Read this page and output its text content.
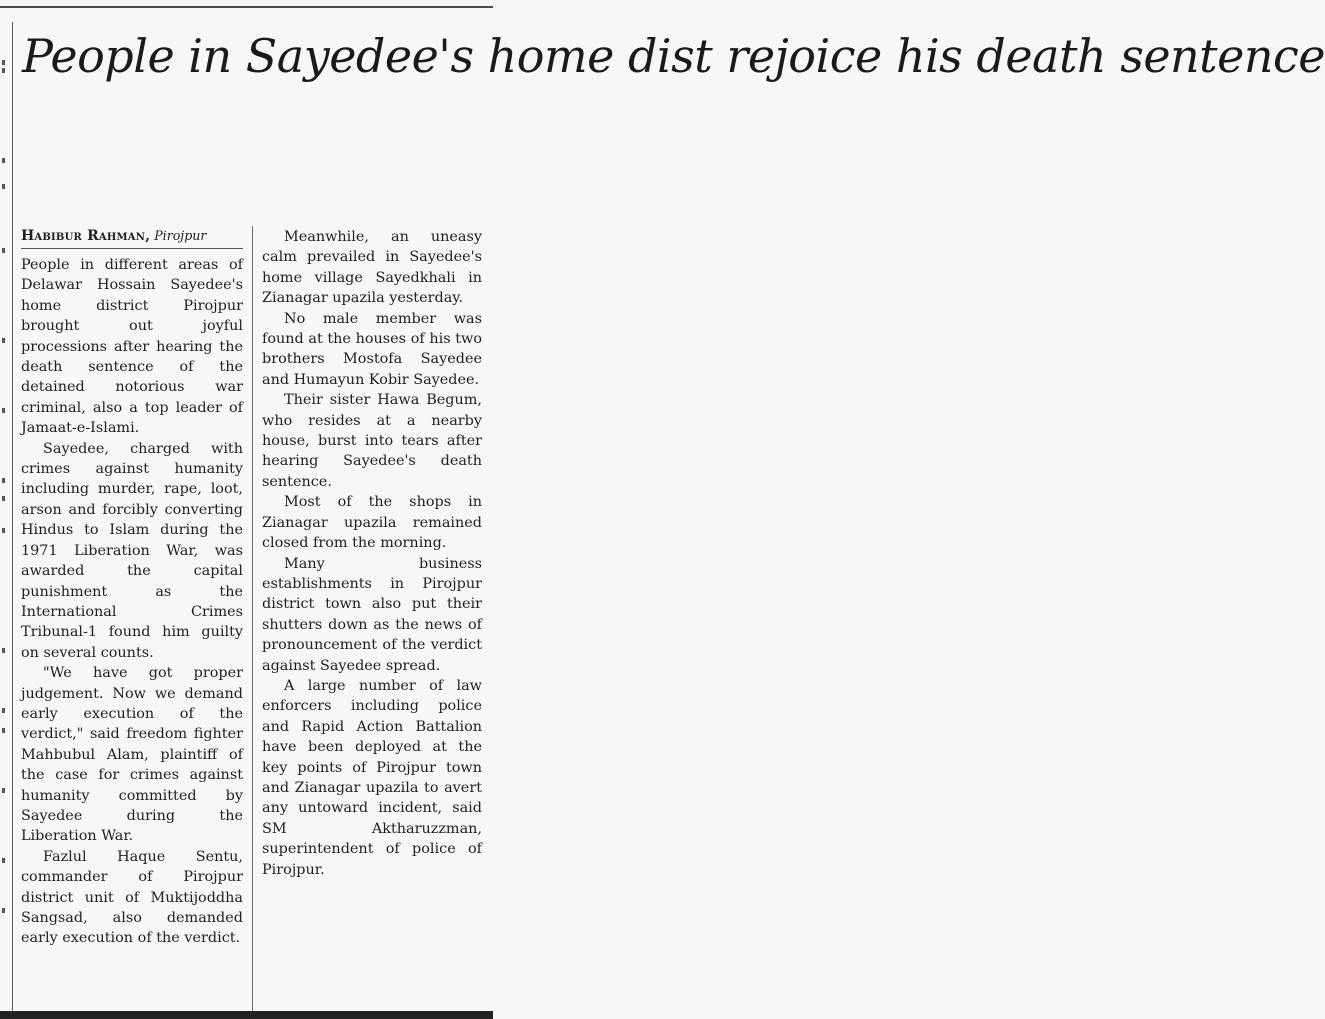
People in Sayedee's home dist rejoice his death sentence
Habibur Rahman, Pirojpur

People in different areas of Delawar Hossain Sayedee's home district Pirojpur brought out joyful processions after hearing the death sentence of the detained notorious war criminal, also a top leader of Jamaat-e-Islami.

Sayedee, charged with crimes against humanity including murder, rape, loot, arson and forcibly converting Hindus to Islam during the 1971 Liberation War, was awarded the capital punishment as the International Crimes Tribunal-1 found him guilty on several counts.

"We have got proper judgement. Now we demand early execution of the verdict," said freedom fighter Mahbubul Alam, plaintiff of the case for crimes against humanity committed by Sayedee during the Liberation War.

Fazlul Haque Sentu, commander of Pirojpur district unit of Muktijoddha Sangsad, also demanded early execution of the verdict.

Meanwhile, an uneasy calm prevailed in Sayedee's home village Sayedkhali in Zianagar upazila yesterday.

No male member was found at the houses of his two brothers Mostofa Sayedee and Humayun Kobir Sayedee.

Their sister Hawa Begum, who resides at a nearby house, burst into tears after hearing Sayedee's death sentence.

Most of the shops in Zianagar upazila remained closed from the morning.

Many business establishments in Pirojpur district town also put their shutters down as the news of pronouncement of the verdict against Sayedee spread.

A large number of law enforcers including police and Rapid Action Battalion have been deployed at the key points of Pirojpur town and Zianagar upazila to avert any untoward incident, said SM Aktharuzzman, superintendent of police of Pirojpur.
